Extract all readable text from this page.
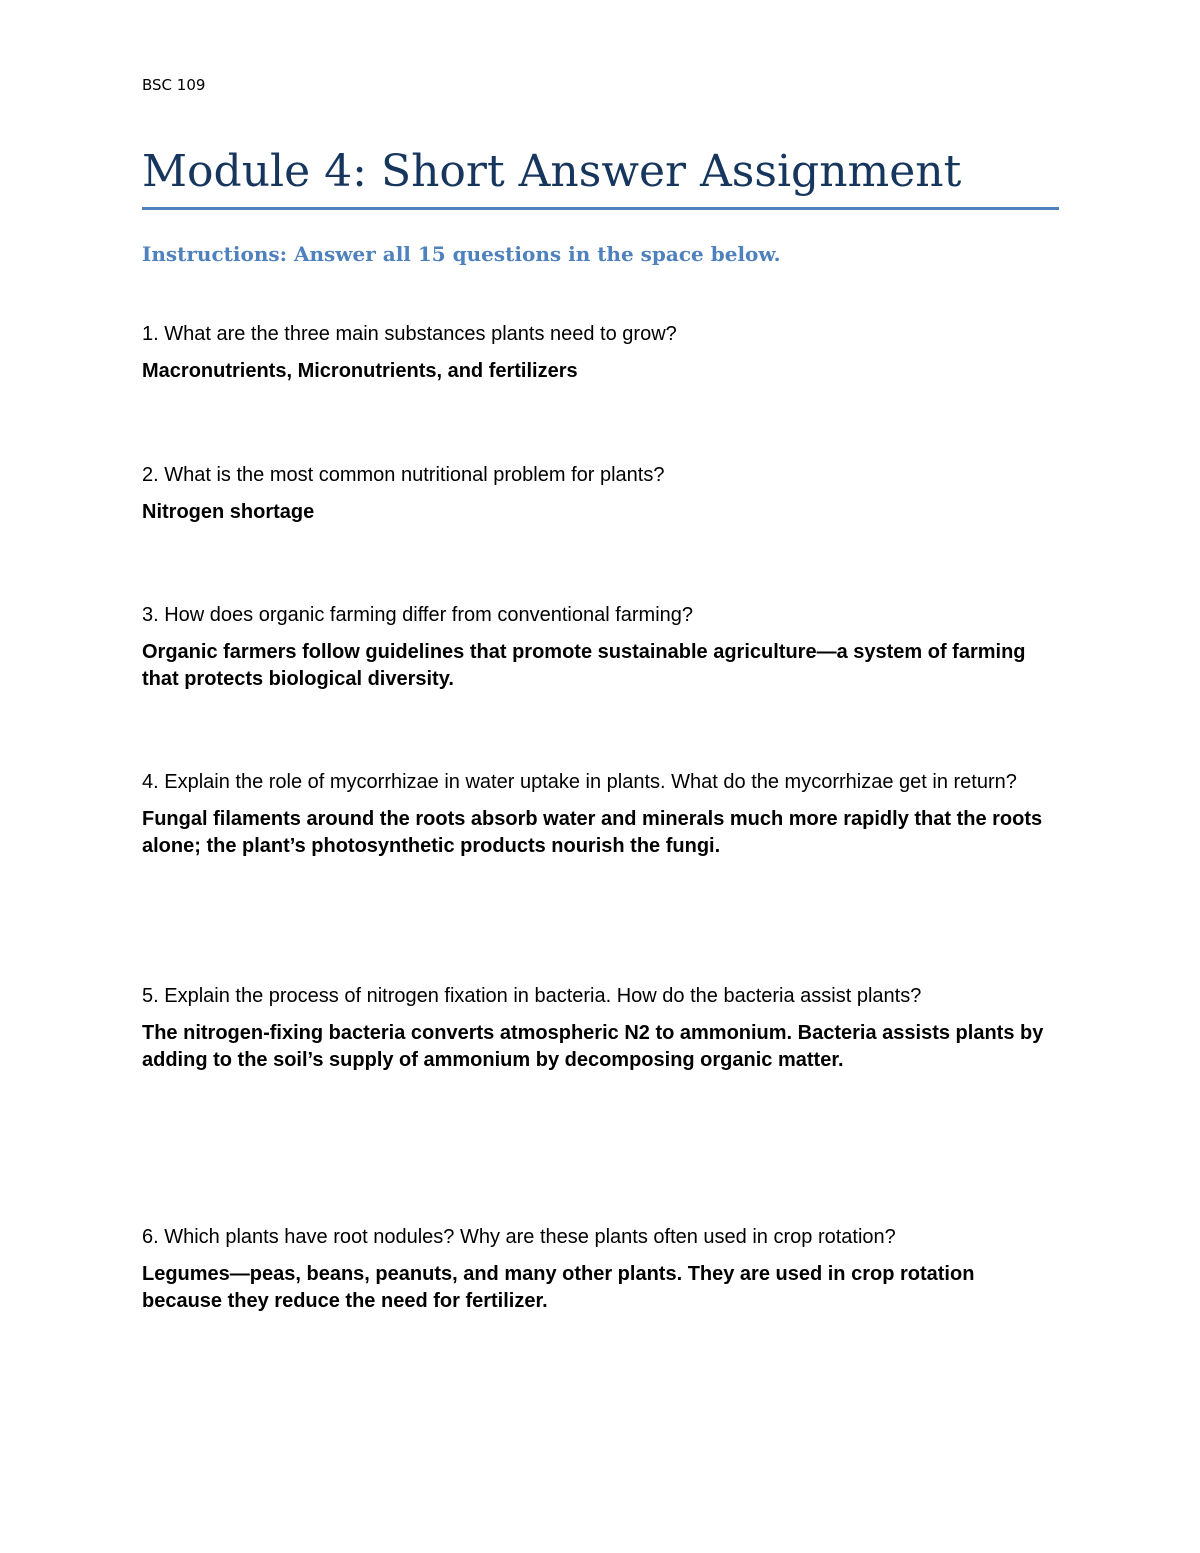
BSC 109
Module 4: Short Answer Assignment
Instructions: Answer all 15 questions in the space below.

1. What are the three main substances plants need to grow?

Macronutrients, Micronutrients, and fertilizers

2. What is the most common nutritional problem for plants?

Nitrogen shortage

3. How does organic farming differ from conventional farming?

Organic farmers follow guidelines that promote sustainable agriculture—a system of farming that protects biological diversity.

4. Explain the role of mycorrhizae in water uptake in plants. What do the mycorrhizae get in return?

Fungal filaments around the roots absorb water and minerals much more rapidly that the roots alone; the plant’s photosynthetic products nourish the fungi.

5. Explain the process of nitrogen fixation in bacteria. How do the bacteria assist plants?

The nitrogen-fixing bacteria converts atmospheric N2 to ammonium. Bacteria assists plants by adding to the soil’s supply of ammonium by decomposing organic matter.

6. Which plants have root nodules? Why are these plants often used in crop rotation?

Legumes—peas, beans, peanuts, and many other plants. They are used in crop rotation because they reduce the need for fertilizer.
